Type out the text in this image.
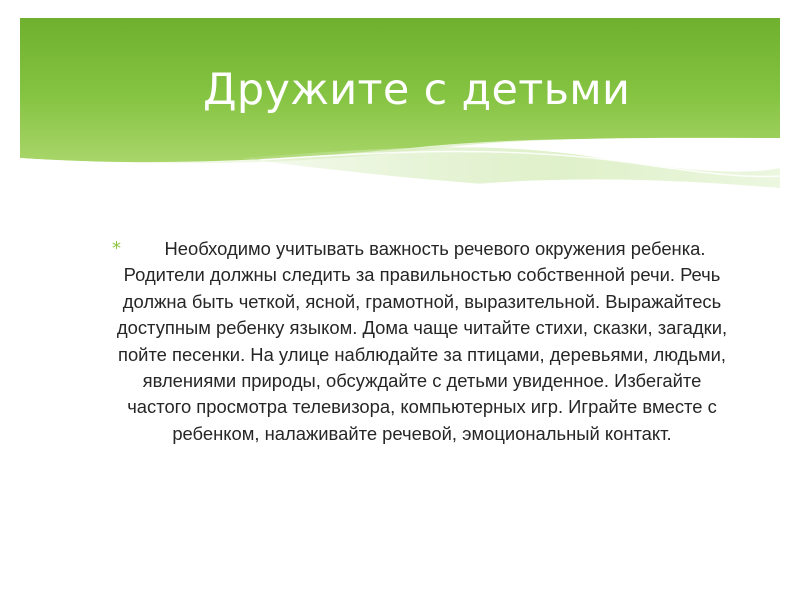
Дружите с детьми
*	Необходимо учитывать важность речевого окружения ребенка. Родители должны следить за правильностью собственной речи. Речь должна быть четкой, ясной, грамотной, выразительной. Выражайтесь доступным ребенку языком. Дома чаще читайте стихи, сказки, загадки, пойте песенки. На улице наблюдайте за птицами, деревьями, людьми, явлениями природы, обсуждайте с детьми увиденное. Избегайте частого просмотра телевизора, компьютерных игр. Играйте вместе с ребенком, налаживайте речевой, эмоциональный контакт.
